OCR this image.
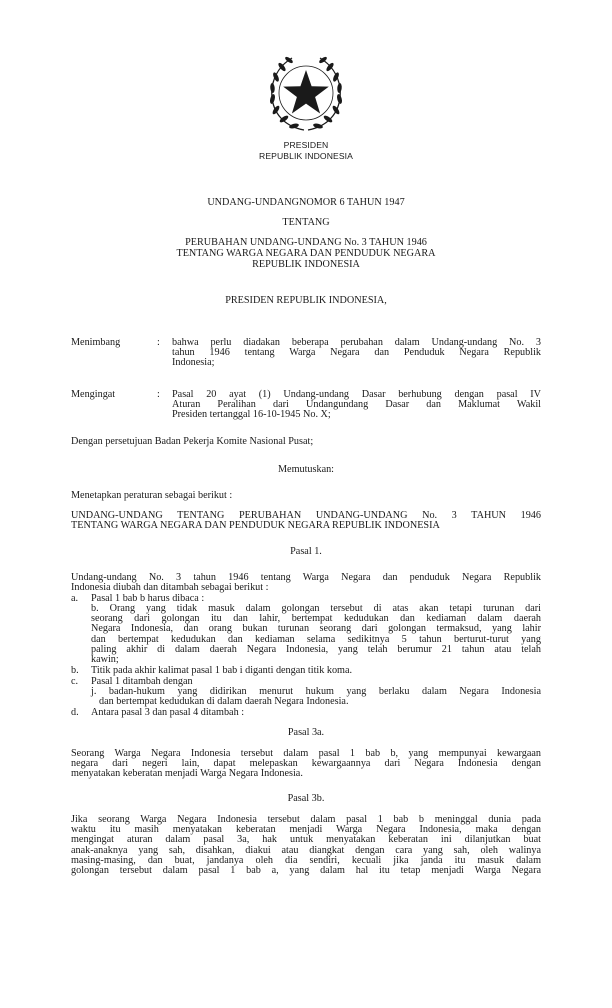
PRESIDEN
REPUBLIK INDONESIA
UNDANG-UNDANGNOMOR 6 TAHUN 1947
TENTANG
PERUBAHAN UNDANG-UNDANG No. 3 TAHUN 1946
TENTANG WARGA NEGARA DAN PENDUDUK NEGARA
REPUBLIK INDONESIA
PRESIDEN REPUBLIK INDONESIA,
Menimbang	: bahwa perlu diadakan beberapa perubahan dalam Undang-undang No. 3
tahun 1946 tentang Warga Negara dan Penduduk Negara Republik
Indonesia;
Mengingat	: Pasal 20 ayat (1) Undang-undang Dasar berhubung dengan pasal IV
Aturan Peralihan dari Undangundang Dasar dan Maklumat Wakil
Presiden tertanggal 16-10-1945 No. X;
Dengan persetujuan Badan Pekerja Komite Nasional Pusat;
Memutuskan:
Menetapkan peraturan sebagai berikut :
UNDANG-UNDANG TENTANG PERUBAHAN UNDANG-UNDANG No. 3 TAHUN 1946
TENTANG WARGA NEGARA DAN PENDUDUK NEGARA REPUBLIK INDONESIA
Pasal 1.
Undang-undang No. 3 tahun 1946 tentang Warga Negara dan penduduk Negara Republik
Indonesia diubah dan ditambah sebagai berikut :
a. Pasal 1 bab b harus dibaca :
b. Orang yang tidak masuk dalam golongan tersebut di atas akan tetapi turunan dari
seorang dari golongan itu dan lahir, bertempat kedudukan dan kediaman dalam daerah
Negara Indonesia, dan orang bukan turunan seorang dari golongan termaksud, yang lahir
dan bertempat kedudukan dan kediaman selama sedikitnya 5 tahun berturut-turut yang
paling akhir di dalam daerah Negara Indonesia, yang telah berumur 21 tahun atau telah
kawin;
b. Titik pada akhir kalimat pasal 1 bab i diganti dengan titik koma.
c. Pasal 1 ditambah dengan
j. badan-hukum yang didirikan menurut hukum yang berlaku dalam Negara Indonesia
dan bertempat kedudukan di dalam daerah Negara Indonesia.
d. Antara pasal 3 dan pasal 4 ditambah :
Pasal 3a.
Seorang Warga Negara Indonesia tersebut dalam pasal 1 bab b, yang mempunyai kewargaan
negara dari negeri lain, dapat melepaskan kewargaannya dari Negara Indonesia dengan
menyatakan keberatan menjadi Warga Negara Indonesia.
Pasal 3b.
Jika seorang Warga Negara Indonesia tersebut dalam pasal 1 bab b meninggal dunia pada
waktu itu masih menyatakan keberatan menjadi Warga Negara Indonesia, maka dengan
mengingat aturan dalam pasal 3a, hak untuk menyatakan keberatan ini dilanjutkan buat
anak-anaknya yang sah, disahkan, diakui atau diangkat dengan cara yang sah, oleh walinya
masing-masing, dan buat, jandanya oleh dia sendiri, kecuali jika janda itu masuk dalam
golongan tersebut dalam pasal 1 bab a, yang dalam hal itu tetap menjadi Warga Negara
